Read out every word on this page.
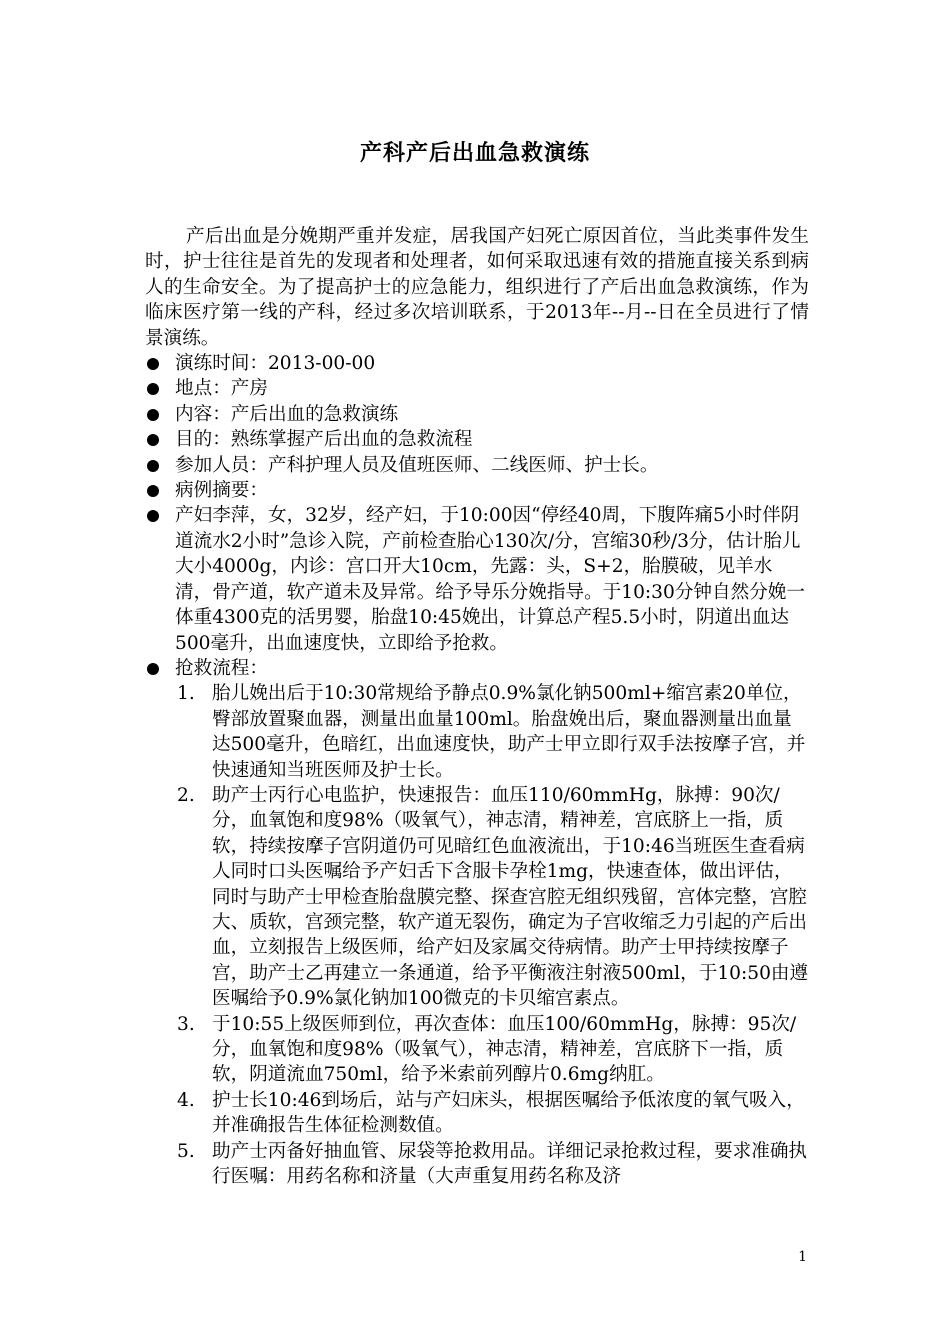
产科产后出血急救演练

产后出血是分娩期严重并发症，居我国产妇死亡原因首位，当此类事件发生时，护士往往是首先的发现者和处理者，如何采取迅速有效的措施直接关系到病人的生命安全。为了提高护士的应急能力，组织进行了产后出血急救演练，作为临床医疗第一线的产科，经过多次培训联系，于2013年--月--日在全员进行了情景演练。

演练时间：2013-00-00
地点：产房
内容：产后出血的急救演练
目的：熟练掌握产后出血的急救流程
参加人员：产科护理人员及值班医师、二线医师、护士长。
病例摘要：
产妇李萍，女，32岁，经产妇，于10:00因“停经40周，下腹阵痛5小时伴阴道流水2小时”急诊入院，产前检查胎心130次/分，宫缩30秒/3分，估计胎儿大小4000g，内诊：宫口开大10cm，先露：头，S+2，胎膜破，见羊水清，骨产道，软产道未及异常。给予导乐分娩指导。于10:30分钟自然分娩一体重4300克的活男婴，胎盘10:45娩出，计算总产程5.5小时，阴道出血达500毫升，出血速度快，立即给予抢救。
抢救流程：
1. 胎儿娩出后于10:30常规给予静点0.9%氯化钠500ml+缩宫素20单位，臀部放置聚血器，测量出血量100ml。胎盘娩出后，聚血器测量出血量达500毫升，色暗红，出血速度快，助产士甲立即行双手法按摩子宫，并快速通知当班医师及护士长。
2. 助产士丙行心电监护，快速报告：血压110/60mmHg，脉搏：90次/分，血氧饱和度98%（吸氧气），神志清，精神差，宫底脐上一指，质软，持续按摩子宫阴道仍可见暗红色血液流出，于10:46当班医生查看病人同时口头医嘱给予产妇舌下含服卡孕栓1mg，快速查体，做出评估，同时与助产士甲检查胎盘膜完整、探查宫腔无组织残留，宫体完整，宫腔大、质软，宫颈完整，软产道无裂伤，确定为子宫收缩乏力引起的产后出血，立刻报告上级医师，给产妇及家属交待病情。助产士甲持续按摩子宫，助产士乙再建立一条通道，给予平衡液注射液500ml，于10:50由遵医嘱给予0.9%氯化钠加100微克的卡贝缩宫素点。
3. 于10:55上级医师到位，再次查体：血压100/60mmHg，脉搏：95次/分，血氧饱和度98%（吸氧气），神志清，精神差，宫底脐下一指，质软，阴道流血750ml，给予米索前列醇片0.6mg纳肛。
4. 护士长10:46到场后，站与产妇床头，根据医嘱给予低浓度的氧气吸入，并准确报告生体征检测数值。
5. 助产士丙备好抽血管、尿袋等抢救用品。详细记录抢救过程，要求准确执行医嘱：用药名称和济量（大声重复用药名称及济
1
